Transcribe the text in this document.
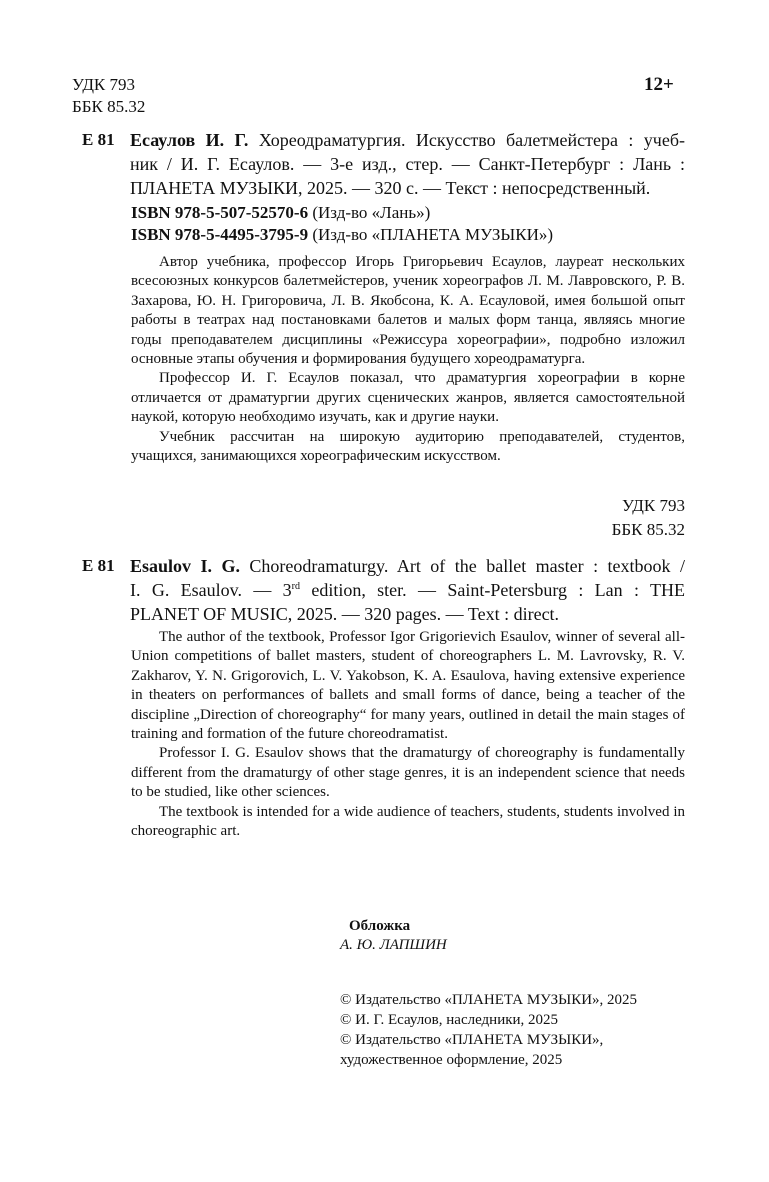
УДК 793
ББК 85.32
12+
Е 81 Есаулов И. Г. Хореодраматургия. Искусство балетмейстера : учеб-
ник / И. Г. Есаулов. — 3-е изд., стер. — Санкт-Петербург : Лань :
ПЛАНЕТА МУЗЫКИ, 2025. — 320 с. — Текст : непосредственный.
ISBN 978-5-507-52570-6 (Изд-во «Лань»)
ISBN 978-5-4495-3795-9 (Изд-во «ПЛАНЕТА МУЗЫКИ»)

Автор учебника, профессор Игорь Григорьевич Есаулов, лауреат нескольких всесоюзных конкурсов балетмейстеров, ученик хореографов Л. М. Лавровского, Р. В. Захарова, Ю. Н. Григоровича, Л. В. Якобсона, К. А. Есауловой, имея большой опыт работы в театрах над постановками балетов и малых форм танца, являясь многие годы преподавателем дисциплины «Режиссура хореографии», подробно изложил основные этапы обучения и формирования будущего хореодраматурга.

Профессор И. Г. Есаулов показал, что драматургия хореографии в корне отличается от драматургии других сценических жанров, является самостоятельной наукой, которую необходимо изучать, как и другие науки.

Учебник рассчитан на широкую аудиторию преподавателей, студентов, учащихся, занимающихся хореографическим искусством.

УДК 793
ББК 85.32
E 81 Esaulov I. G. Choreodramaturgy. Art of the ballet master : textbook /
I. G. Esaulov. — 3rd edition, ster. — Saint-Petersburg : Lan : THE
PLANET OF MUSIC, 2025. — 320 pages. — Text : direct.

The author of the textbook, Professor Igor Grigorievich Esaulov, winner of several all-Union competitions of ballet masters, student of choreographers L. M. Lavrovsky, R. V. Zakharov, Y. N. Grigorovich, L. V. Yakobson, K. A. Esaulova, having extensive experience in theaters on performances of ballets and small forms of dance, being a teacher of the discipline „Direction of choreography“ for many years, outlined in detail the main stages of training and formation of the future choreodramatist.

Professor I. G. Esaulov shows that the dramaturgy of choreography is fundamentally different from the dramaturgy of other stage genres, it is an independent science that needs to be studied, like other sciences.

The textbook is intended for a wide audience of teachers, students, students involved in choreographic art.

Обложка
А. Ю. ЛАПШИН
© Издательство «ПЛАНЕТА МУЗЫКИ», 2025
© И. Г. Есаулов, наследники, 2025
© Издательство «ПЛАНЕТА МУЗЫКИ»,
художественное оформление, 2025
